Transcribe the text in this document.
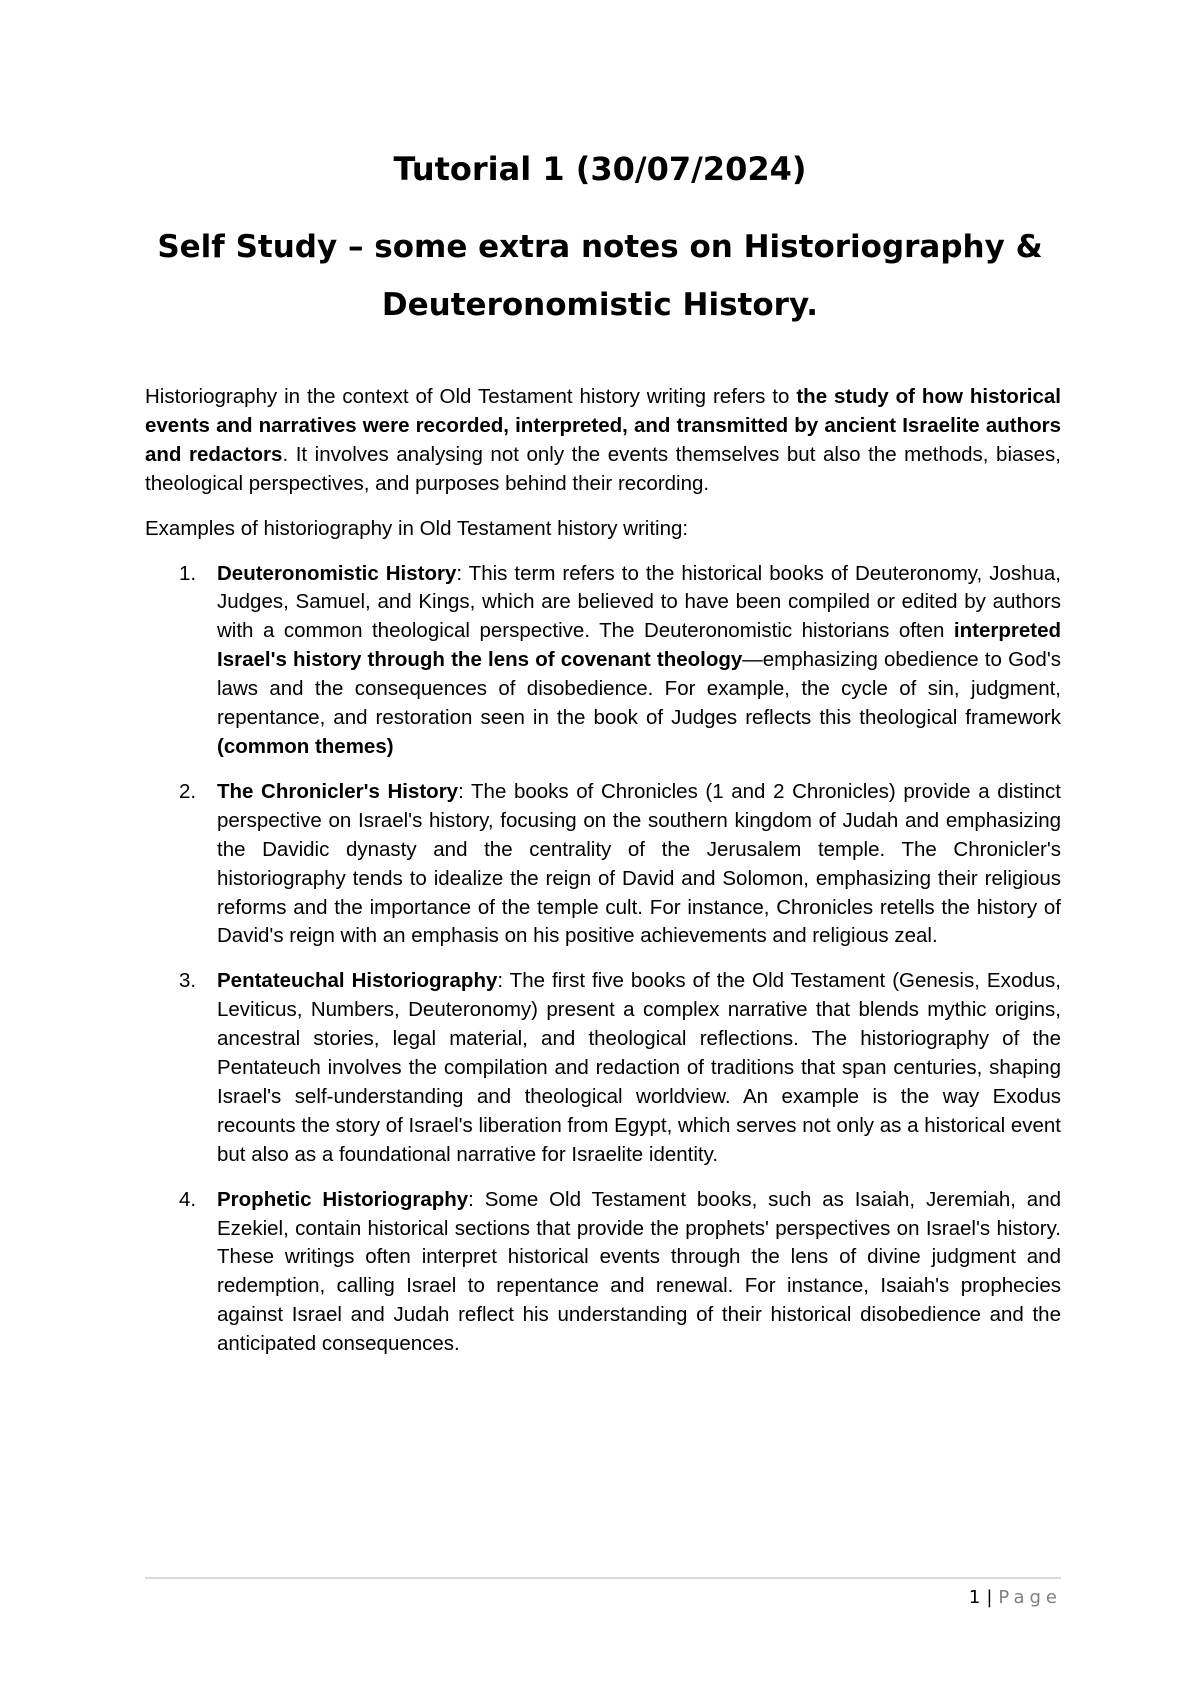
Tutorial 1 (30/07/2024)
Self Study – some extra notes on Historiography & Deuteronomistic History.

Historiography in the context of Old Testament history writing refers to the study of how historical events and narratives were recorded, interpreted, and transmitted by ancient Israelite authors and redactors. It involves analysing not only the events themselves but also the methods, biases, theological perspectives, and purposes behind their recording.

Examples of historiography in Old Testament history writing:

1. Deuteronomistic History: This term refers to the historical books of Deuteronomy, Joshua, Judges, Samuel, and Kings, which are believed to have been compiled or edited by authors with a common theological perspective. The Deuteronomistic historians often interpreted Israel's history through the lens of covenant theology—emphasizing obedience to God's laws and the consequences of disobedience. For example, the cycle of sin, judgment, repentance, and restoration seen in the book of Judges reflects this theological framework (common themes)
2. The Chronicler's History: The books of Chronicles (1 and 2 Chronicles) provide a distinct perspective on Israel's history, focusing on the southern kingdom of Judah and emphasizing the Davidic dynasty and the centrality of the Jerusalem temple. The Chronicler's historiography tends to idealize the reign of David and Solomon, emphasizing their religious reforms and the importance of the temple cult. For instance, Chronicles retells the history of David's reign with an emphasis on his positive achievements and religious zeal.
3. Pentateuchal Historiography: The first five books of the Old Testament (Genesis, Exodus, Leviticus, Numbers, Deuteronomy) present a complex narrative that blends mythic origins, ancestral stories, legal material, and theological reflections. The historiography of the Pentateuch involves the compilation and redaction of traditions that span centuries, shaping Israel's self-understanding and theological worldview. An example is the way Exodus recounts the story of Israel's liberation from Egypt, which serves not only as a historical event but also as a foundational narrative for Israelite identity.
4. Prophetic Historiography: Some Old Testament books, such as Isaiah, Jeremiah, and Ezekiel, contain historical sections that provide the prophets' perspectives on Israel's history. These writings often interpret historical events through the lens of divine judgment and redemption, calling Israel to repentance and renewal. For instance, Isaiah's prophecies against Israel and Judah reflect his understanding of their historical disobedience and the anticipated consequences.
1 | Page
